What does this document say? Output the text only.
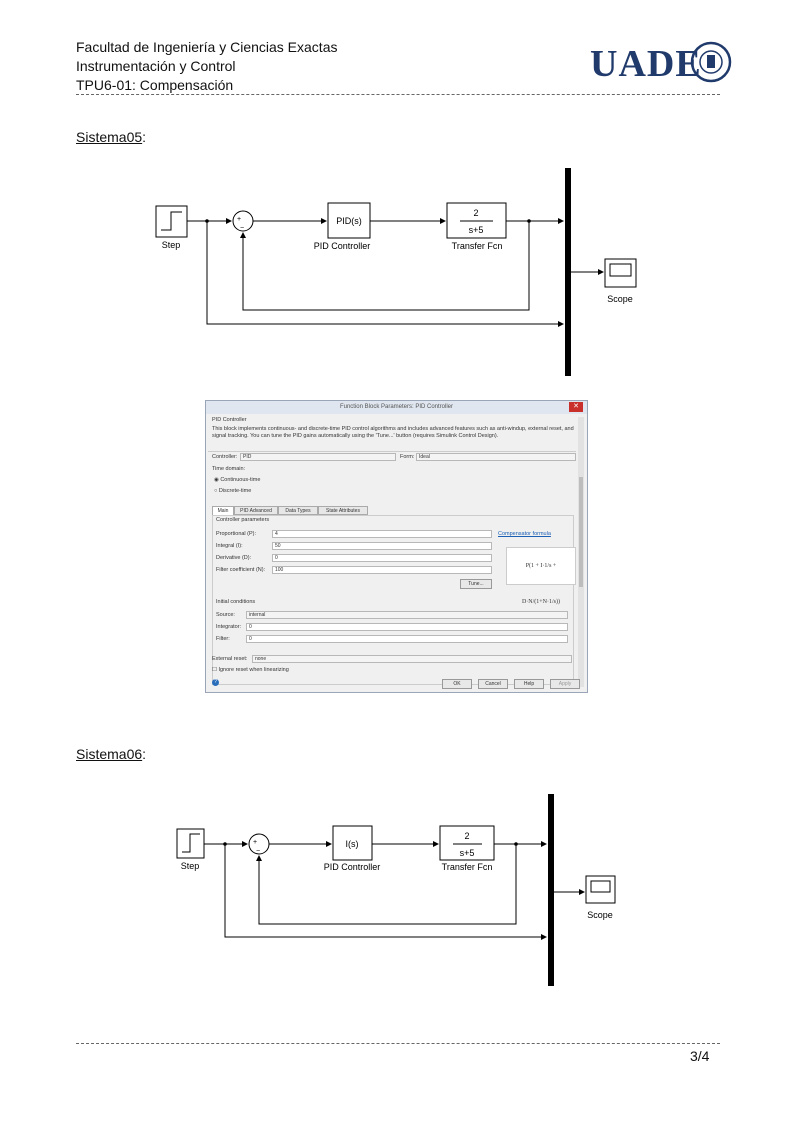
Facultad de Ingeniería y Ciencias Exactas
Instrumentación y Control
TPU6-01: Compensación	UADE
Sistema05:
Step
+
−
PID(s)
PID Controller
2
s+5
Transfer Fcn
Scope
Step
+
−
I(s)
PID Controller
2
s+5
Transfer Fcn
Scope
Function Block Parameters: PID Controller	✕
PID Controller
This block implements continuous- and discrete-time PID control algorithms and includes advanced features such as anti-windup, external reset, and signal tracking. You can tune the PID gains automatically using the 'Tune...' button (requires Simulink Control Design).
Controller:	PID	Form: Ideal
Time domain:
◉ Continuous-time
○ Discrete-time
Main	PID Advanced	Data Types	State Attributes
Controller parameters
Proportional (P):	4
Integral (I):	50
Derivative (D):	0
Filter coefficient (N):	100
Compensator formula
P(1 + I·1/s + D·N/(1+N·1/s))
Tune...
Initial conditions
Source:	internal
Integrator:	0
Filter:	0
External reset:	none
☐ Ignore reset when linearizing
?	OK	Cancel	Help	Apply
Sistema06:
3/4
